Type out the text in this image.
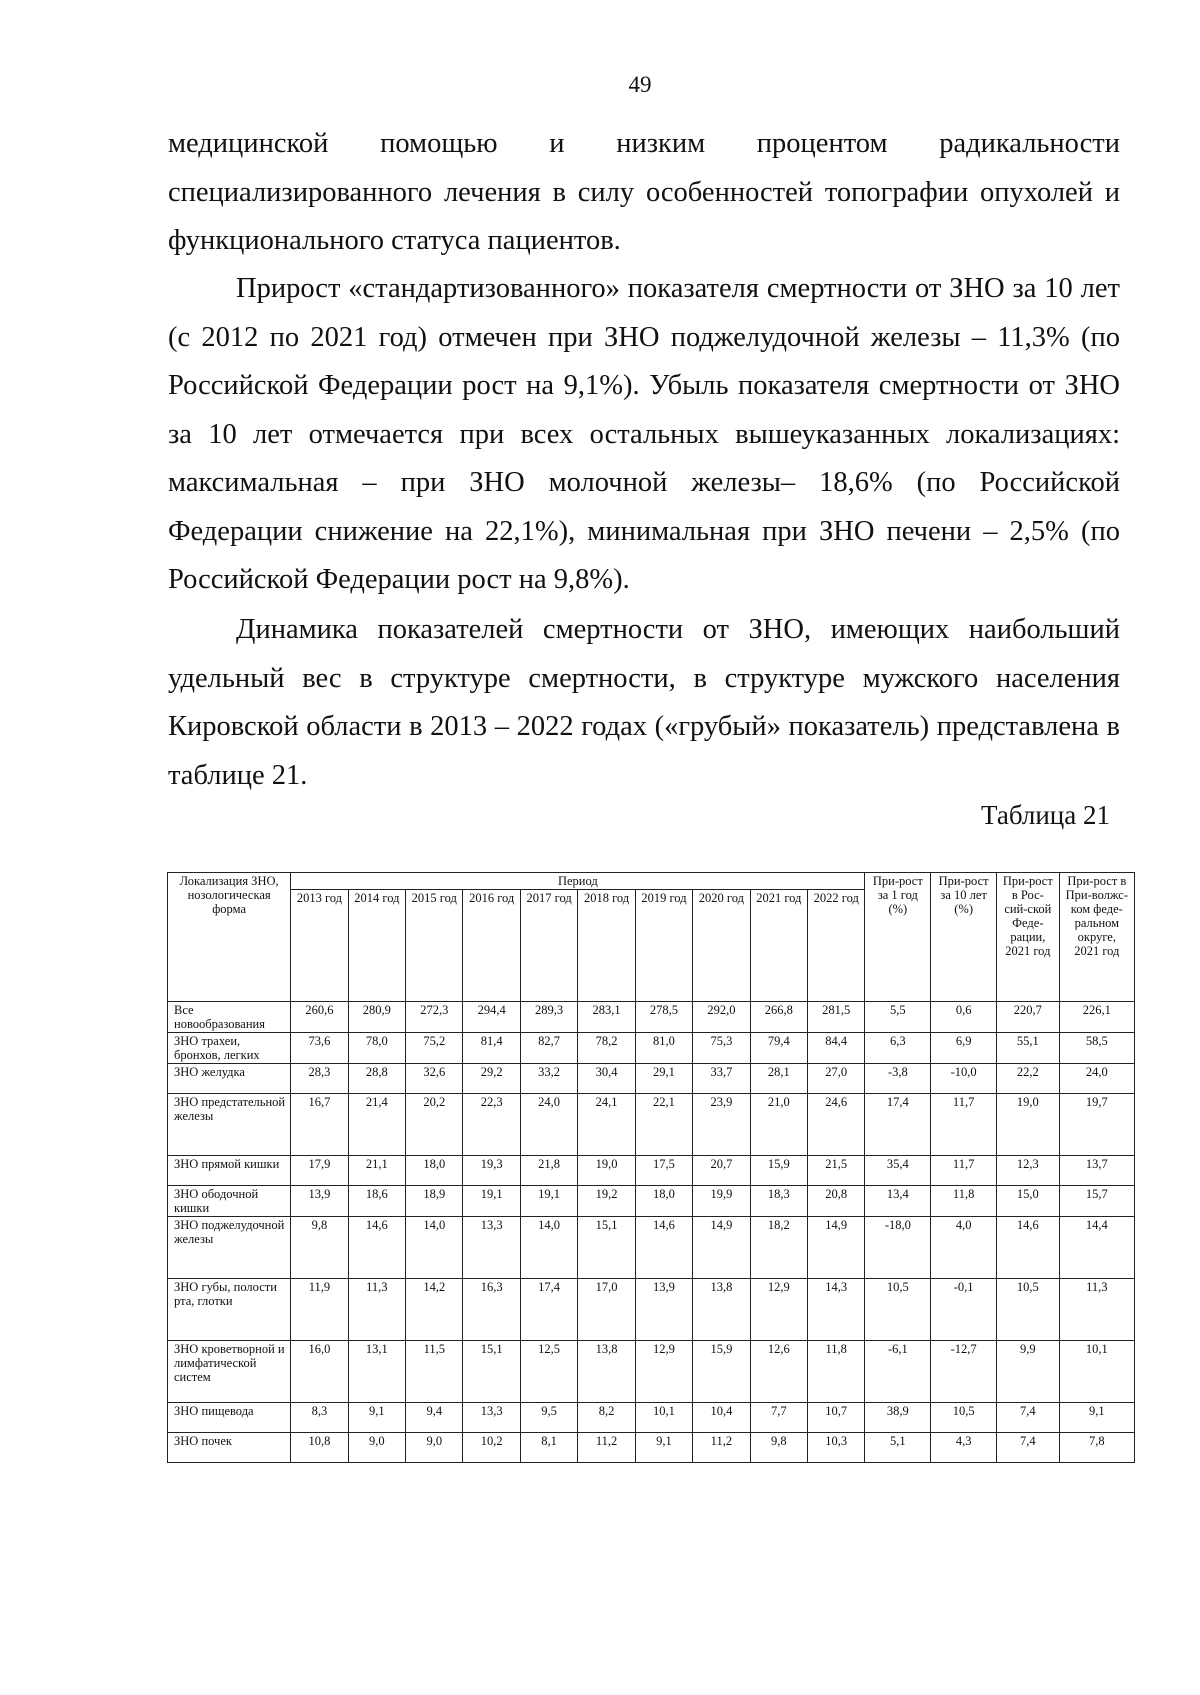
49

медицинской помощью и низким процентом радикальности специализированного лечения в силу особенностей топографии опухолей и функционального статуса пациентов.

Прирост «стандартизованного» показателя смертности от ЗНО за 10 лет (с 2012 по 2021 год) отмечен при ЗНО поджелудочной железы – 11,3% (по Российской Федерации рост на 9,1%). Убыль показателя смертности от ЗНО за 10 лет отмечается при всех остальных вышеуказанных локализациях: максимальная – при ЗНО молочной железы– 18,6% (по Российской Федерации снижение на 22,1%), минимальная при ЗНО печени – 2,5% (по Российской Федерации рост на 9,8%).

Динамика показателей смертности от ЗНО, имеющих наибольший удельный вес в структуре смертности, в структуре мужского населения Кировской области в 2013 – 2022 годах («грубый» показатель) представлена в таблице 21.

Таблица 21
Локализация ЗНО, нозологическая форма	Период										При-рост за 1 год (%)	При-рост за 10 лет (%)	При-рост в Рос-сий-ской Феде-рации, 2021 год	При-рост в При-волжс-ком феде-ральном округе, 2021 год
	2013 год	2014 год	2015 год	2016 год	2017 год	2018 год	2019 год	2020 год	2021 год	2022 год				
Все новообразования	260,6	280,9	272,3	294,4	289,3	283,1	278,5	292,0	266,8	281,5	5,5	0,6	220,7	226,1
ЗНО трахеи, бронхов, легких	73,6	78,0	75,2	81,4	82,7	78,2	81,0	75,3	79,4	84,4	6,3	6,9	55,1	58,5
ЗНО желудка	28,3	28,8	32,6	29,2	33,2	30,4	29,1	33,7	28,1	27,0	-3,8	-10,0	22,2	24,0
ЗНО предстательной железы	16,7	21,4	20,2	22,3	24,0	24,1	22,1	23,9	21,0	24,6	17,4	11,7	19,0	19,7
ЗНО прямой кишки	17,9	21,1	18,0	19,3	21,8	19,0	17,5	20,7	15,9	21,5	35,4	11,7	12,3	13,7
ЗНО ободочной кишки	13,9	18,6	18,9	19,1	19,1	19,2	18,0	19,9	18,3	20,8	13,4	11,8	15,0	15,7
ЗНО поджелудочной железы	9,8	14,6	14,0	13,3	14,0	15,1	14,6	14,9	18,2	14,9	-18,0	4,0	14,6	14,4
ЗНО губы, полости рта, глотки	11,9	11,3	14,2	16,3	17,4	17,0	13,9	13,8	12,9	14,3	10,5	-0,1	10,5	11,3
ЗНО кроветворной и лимфатической систем	16,0	13,1	11,5	15,1	12,5	13,8	12,9	15,9	12,6	11,8	-6,1	-12,7	9,9	10,1
ЗНО пищевода	8,3	9,1	9,4	13,3	9,5	8,2	10,1	10,4	7,7	10,7	38,9	10,5	7,4	9,1
ЗНО почек	10,8	9,0	9,0	10,2	8,1	11,2	9,1	11,2	9,8	10,3	5,1	4,3	7,4	7,8
